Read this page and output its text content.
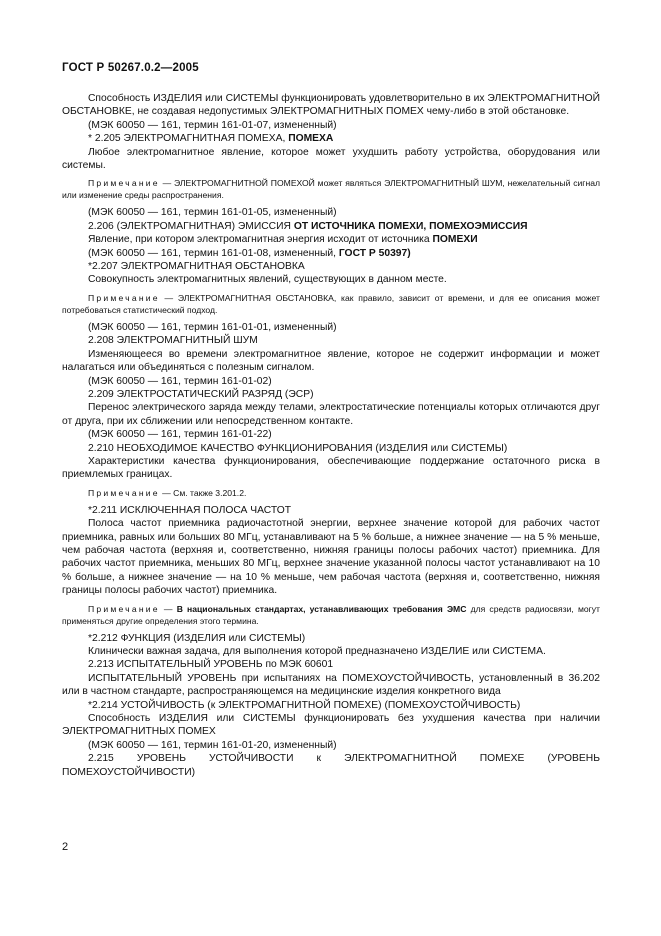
ГОСТ Р 50267.0.2—2005

Способность ИЗДЕЛИЯ или СИСТЕМЫ функционировать удовлетворительно в их ЭЛЕКТРОМАГНИТНОЙ ОБСТАНОВКЕ, не создавая недопустимых ЭЛЕКТРОМАГНИТНЫХ ПОМЕХ чему-либо в этой обстановке.

(МЭК 60050 — 161, термин 161-01-07, измененный)

* 2.205 ЭЛЕКТРОМАГНИТНАЯ ПОМЕХА, ПОМЕХА

Любое электромагнитное явление, которое может ухудшить работу устройства, оборудования или системы.

Примечание — ЭЛЕКТРОМАГНИТНОЙ ПОМЕХОЙ может являться ЭЛЕКТРОМАГНИТНЫЙ ШУМ, нежелательный сигнал или изменение среды распространения.

(МЭК 60050 — 161, термин 161-01-05, измененный)

2.206 (ЭЛЕКТРОМАГНИТНАЯ) ЭМИССИЯ ОТ ИСТОЧНИКА ПОМЕХИ, ПОМЕХОЭМИССИЯ

Явление, при котором электромагнитная энергия исходит от источника ПОМЕХИ

(МЭК 60050 — 161, термин 161-01-08, измененный, ГОСТ Р 50397)

*2.207 ЭЛЕКТРОМАГНИТНАЯ ОБСТАНОВКА

Совокупность электромагнитных явлений, существующих в данном месте.

Примечание — ЭЛЕКТРОМАГНИТНАЯ ОБСТАНОВКА, как правило, зависит от времени, и для ее описания может потребоваться статистический подход.

(МЭК 60050 — 161, термин 161-01-01, измененный)

2.208 ЭЛЕКТРОМАГНИТНЫЙ ШУМ

Изменяющееся во времени электромагнитное явление, которое не содержит информации и может налагаться или объединяться с полезным сигналом.

(МЭК 60050 — 161, термин 161-01-02)

2.209 ЭЛЕКТРОСТАТИЧЕСКИЙ РАЗРЯД (ЭСР)

Перенос электрического заряда между телами, электростатические потенциалы которых отличаются друг от друга, при их сближении или непосредственном контакте.

(МЭК 60050 — 161, термин 161-01-22)

2.210 НЕОБХОДИМОЕ КАЧЕСТВО ФУНКЦИОНИРОВАНИЯ (ИЗДЕЛИЯ или СИСТЕМЫ)

Характеристики качества функционирования, обеспечивающие поддержание остаточного риска в приемлемых границах.

Примечание — См. также 3.201.2.

*2.211 ИСКЛЮЧЕННАЯ ПОЛОСА ЧАСТОТ

Полоса частот приемника радиочастотной энергии, верхнее значение которой для рабочих частот приемника, равных или больших 80 МГц, устанавливают на 5 % больше, а нижнее значение — на 5 % меньше, чем рабочая частота (верхняя и, соответственно, нижняя границы полосы рабочих частот) приемника. Для рабочих частот приемника, меньших 80 МГц, верхнее значение указанной полосы частот устанавливают на 10 % больше, а нижнее значение — на 10 % меньше, чем рабочая частота (верхняя и, соответственно, нижняя границы полосы рабочих частот) приемника.

Примечание — В национальных стандартах, устанавливающих требования ЭМС для средств радиосвязи, могут применяться другие определения этого термина.

*2.212 ФУНКЦИЯ (ИЗДЕЛИЯ или СИСТЕМЫ)

Клинически важная задача, для выполнения которой предназначено ИЗДЕЛИЕ или СИСТЕМА.

2.213 ИСПЫТАТЕЛЬНЫЙ УРОВЕНЬ по МЭК 60601

ИСПЫТАТЕЛЬНЫЙ УРОВЕНЬ при испытаниях на ПОМЕХОУСТОЙЧИВОСТЬ, установленный в 36.202 или в частном стандарте, распространяющемся на медицинские изделия конкретного вида

*2.214 УСТОЙЧИВОСТЬ (к ЭЛЕКТРОМАГНИТНОЙ ПОМЕХЕ) (ПОМЕХОУСТОЙЧИВОСТЬ)

Способность ИЗДЕЛИЯ или СИСТЕМЫ функционировать без ухудшения качества при наличии ЭЛЕКТРОМАГНИТНЫХ ПОМЕХ

(МЭК 60050 — 161, термин 161-01-20, измененный)

2.215 УРОВЕНЬ УСТОЙЧИВОСТИ к ЭЛЕКТРОМАГНИТНОЙ ПОМЕХЕ (УРОВЕНЬ ПОМЕХОУСТОЙЧИВОСТИ)

2
